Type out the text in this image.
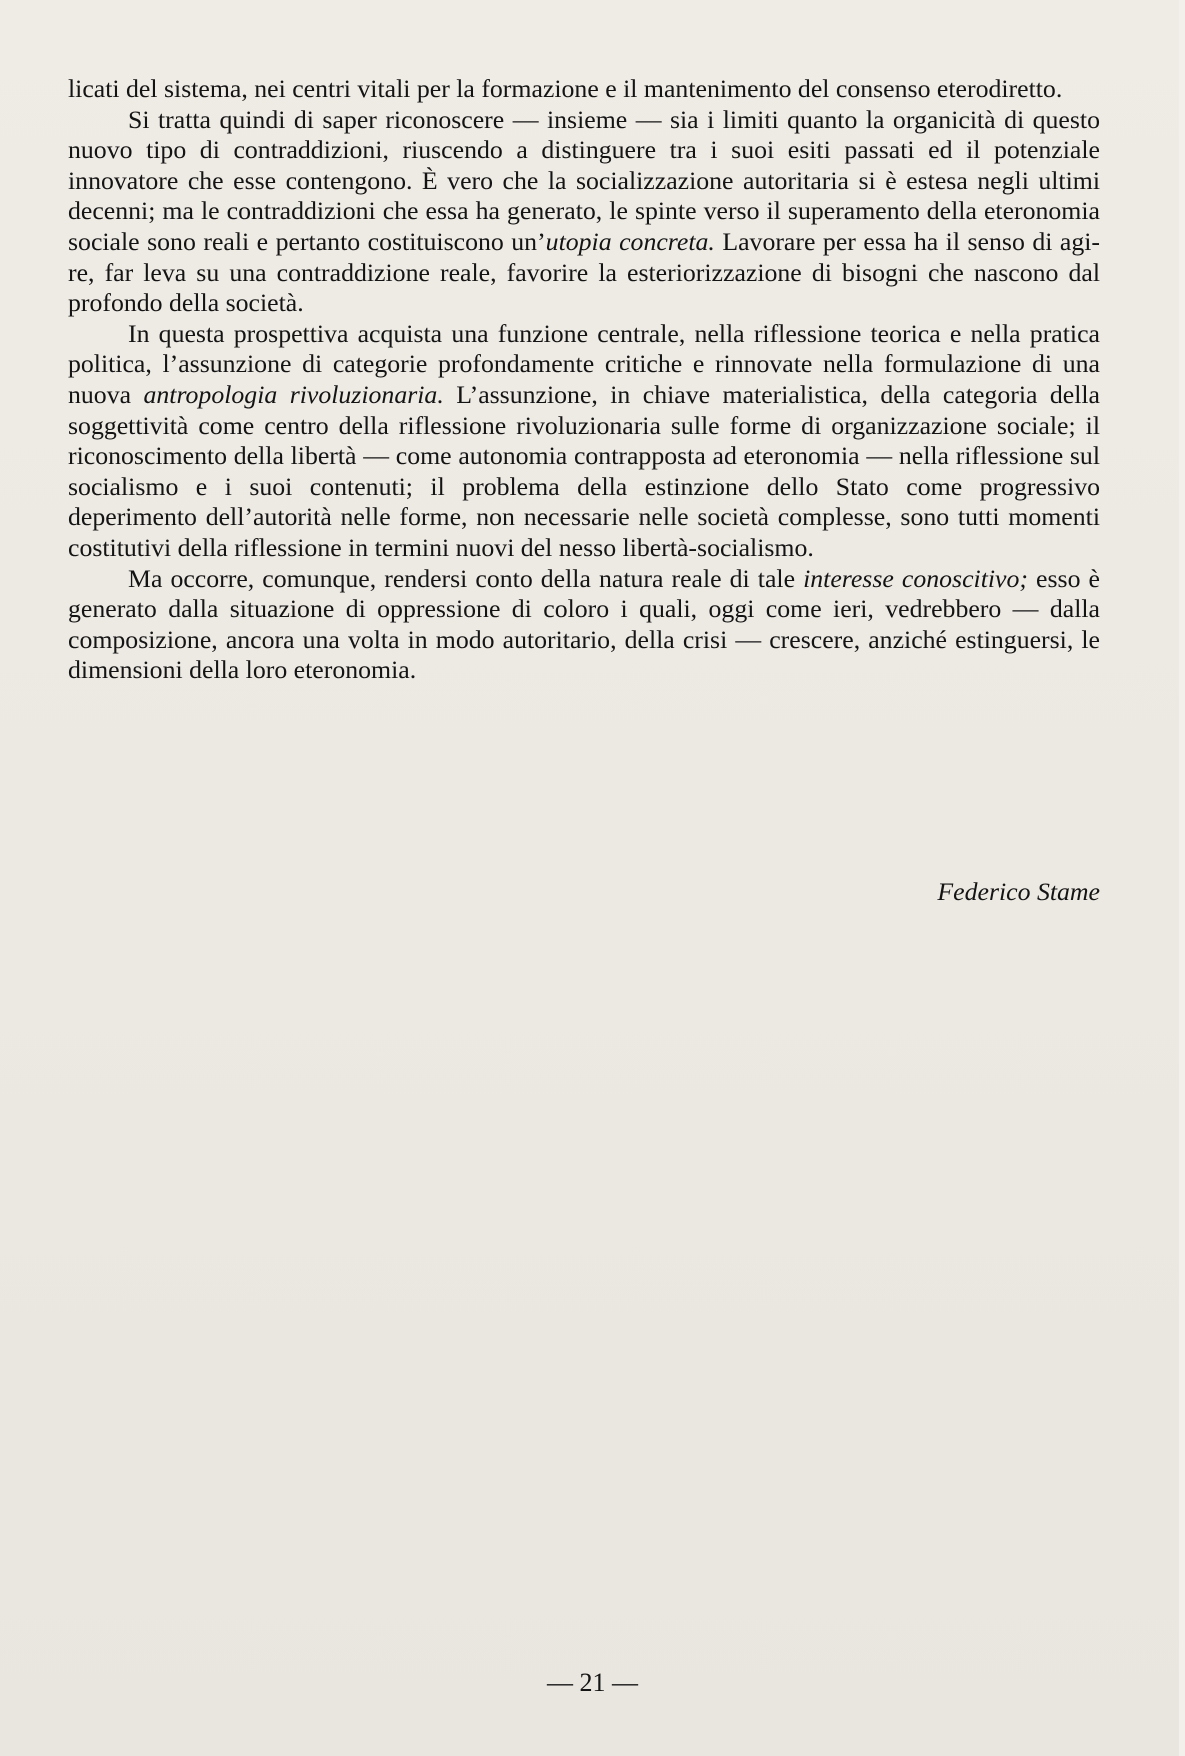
licati del sistema, nei centri vitali per la formazione e il mantenimento del consenso eterodiretto.

Si tratta quindi di saper riconoscere — insieme — sia i limiti quanto la organicità di questo nuovo tipo di contraddizioni, riuscendo a distinguere tra i suoi esiti passati ed il potenziale innovatore che esse contengono. È vero che la socializzazione autoritaria si è estesa negli ultimi decenni; ma le contraddizioni che essa ha generato, le spinte verso il superamento della eteronomia sociale sono reali e pertanto costituiscono un’utopia concreta. Lavorare per essa ha il senso di agire, far leva su una contraddizione reale, favorire la esteriorizzazione di bisogni che nascono dal profondo della società.

In questa prospettiva acquista una funzione centrale, nella riflessione teorica e nella pratica politica, l’assunzione di categorie profondamente critiche e rinnovate nella formulazione di una nuova antropologia rivoluzionaria. L’assunzione, in chiave materialistica, della categoria della soggettività come centro della riflessione rivoluzionaria sulle forme di organizzazione sociale; il riconoscimento della libertà — come autonomia contrapposta ad eteronomia — nella riflessione sul socialismo e i suoi contenuti; il problema della estinzione dello Stato come progressivo deperimento dell’autorità nelle forme, non necessarie nelle società complesse, sono tutti momenti costitutivi della riflessione in termini nuovi del nesso libertà-socialismo.

Ma occorre, comunque, rendersi conto della natura reale di tale interesse conoscitivo; esso è generato dalla situazione di oppressione di coloro i quali, oggi come ieri, vedrebbero — dalla composizione, ancora una volta in modo autoritario, della crisi — crescere, anziché estinguersi, le dimensioni della loro eteronomia.

Federico Stame
— 21 —
